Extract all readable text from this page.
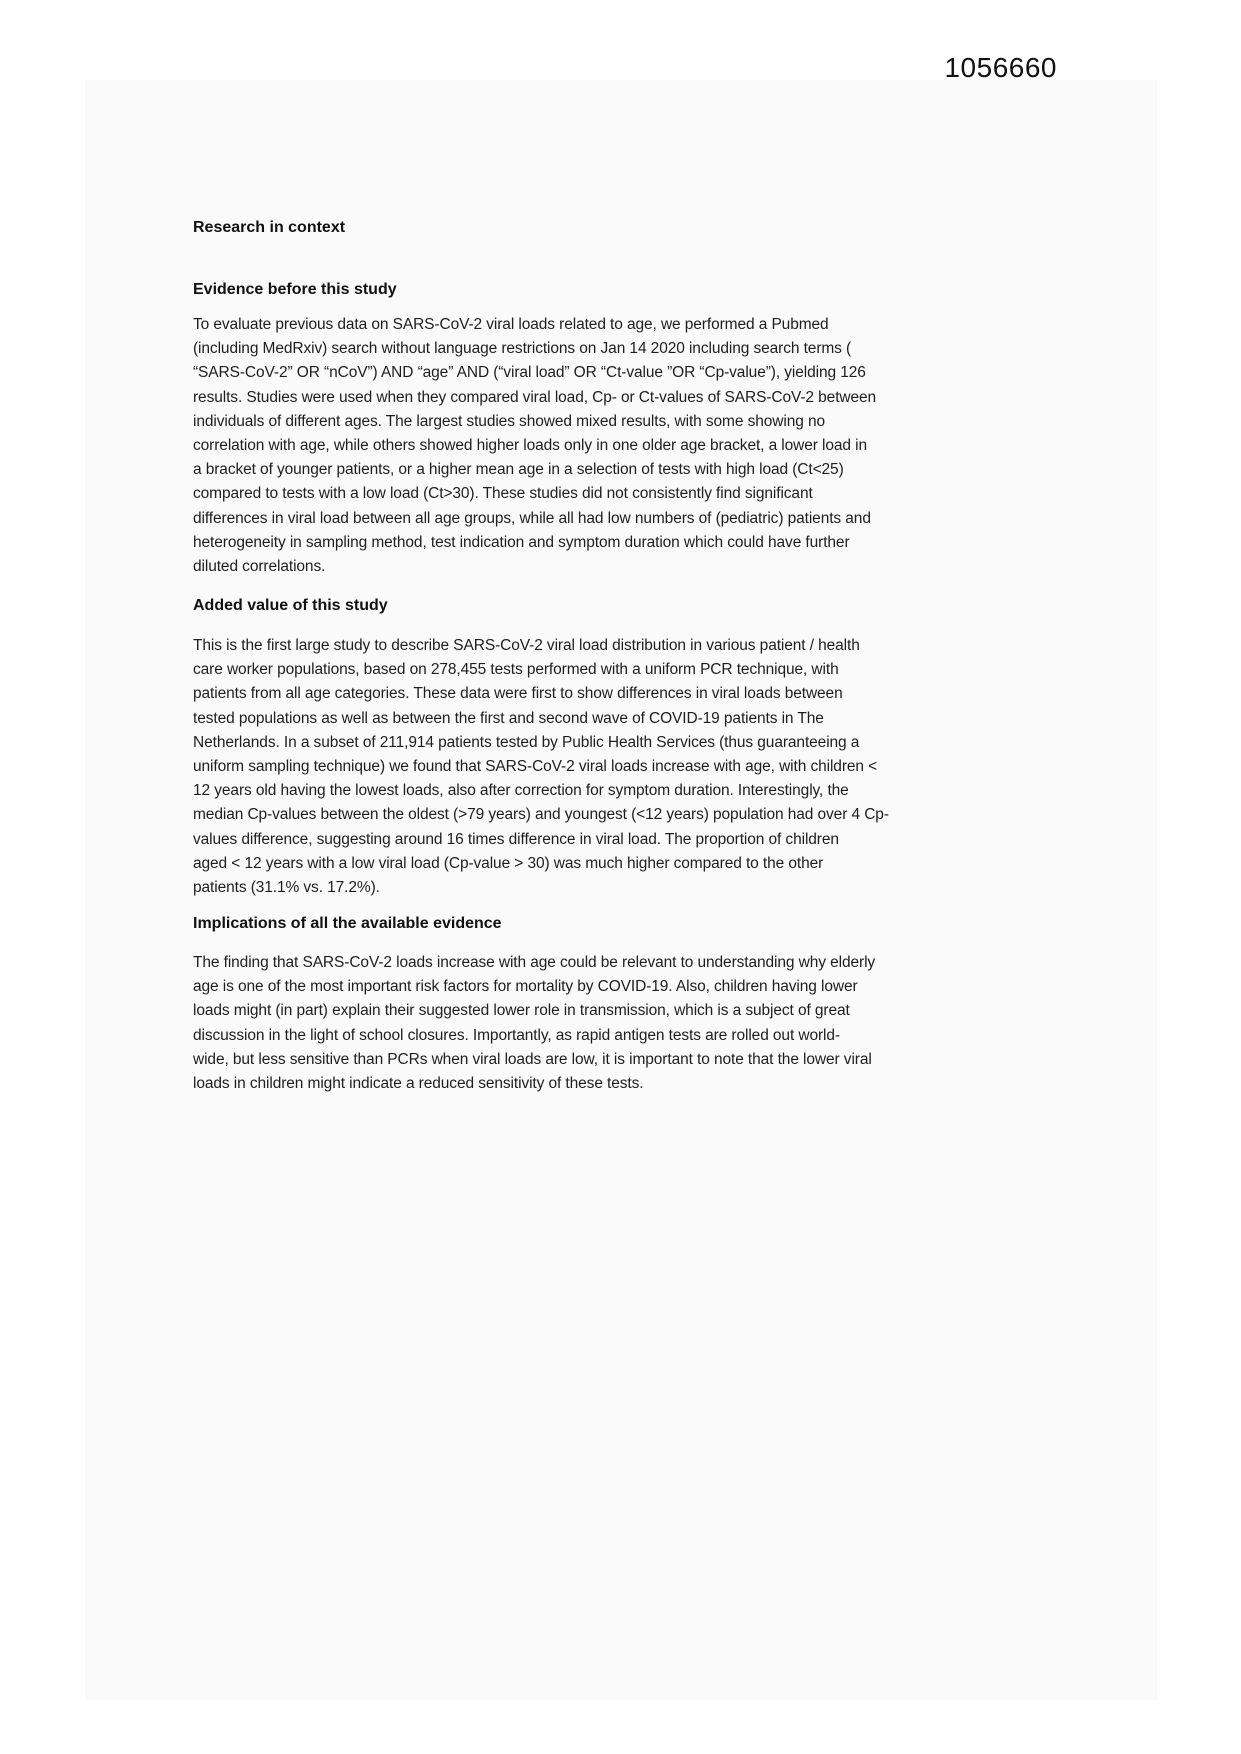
1056660
Research in context
Evidence before this study
To evaluate previous data on SARS-CoV-2 viral loads related to age, we performed a Pubmed
(including MedRxiv) search without language restrictions on Jan 14 2020 including search terms (
“SARS-CoV-2” OR “nCoV”) AND “age” AND (“viral load” OR “Ct-value ”OR “Cp-value”), yielding 126
results. Studies were used when they compared viral load, Cp- or Ct-values of SARS-CoV-2 between
individuals of different ages. The largest studies showed mixed results, with some showing no
correlation with age, while others showed higher loads only in one older age bracket, a lower load in
a bracket of younger patients, or a higher mean age in a selection of tests with high load (Ct<25)
compared to tests with a low load (Ct>30). These studies did not consistently find significant
differences in viral load between all age groups, while all had low numbers of (pediatric) patients and
heterogeneity in sampling method, test indication and symptom duration which could have further
diluted correlations.
Added value of this study
This is the first large study to describe SARS-CoV-2 viral load distribution in various patient / health
care worker populations, based on 278,455 tests performed with a uniform PCR technique, with
patients from all age categories. These data were first to show differences in viral loads between
tested populations as well as between the first and second wave of COVID-19 patients in The
Netherlands. In a subset of 211,914 patients tested by Public Health Services (thus guaranteeing a
uniform sampling technique) we found that SARS-CoV-2 viral loads increase with age, with children <
12 years old having the lowest loads, also after correction for symptom duration. Interestingly, the
median Cp-values between the oldest (>79 years) and youngest (<12 years) population had over 4 Cp-
values difference, suggesting around 16 times difference in viral load. The proportion of children
aged < 12 years with a low viral load (Cp-value > 30) was much higher compared to the other
patients (31.1% vs. 17.2%).
Implications of all the available evidence
The finding that SARS-CoV-2 loads increase with age could be relevant to understanding why elderly
age is one of the most important risk factors for mortality by COVID-19. Also, children having lower
loads might (in part) explain their suggested lower role in transmission, which is a subject of great
discussion in the light of school closures. Importantly, as rapid antigen tests are rolled out world-
wide, but less sensitive than PCRs when viral loads are low, it is important to note that the lower viral
loads in children might indicate a reduced sensitivity of these tests.
